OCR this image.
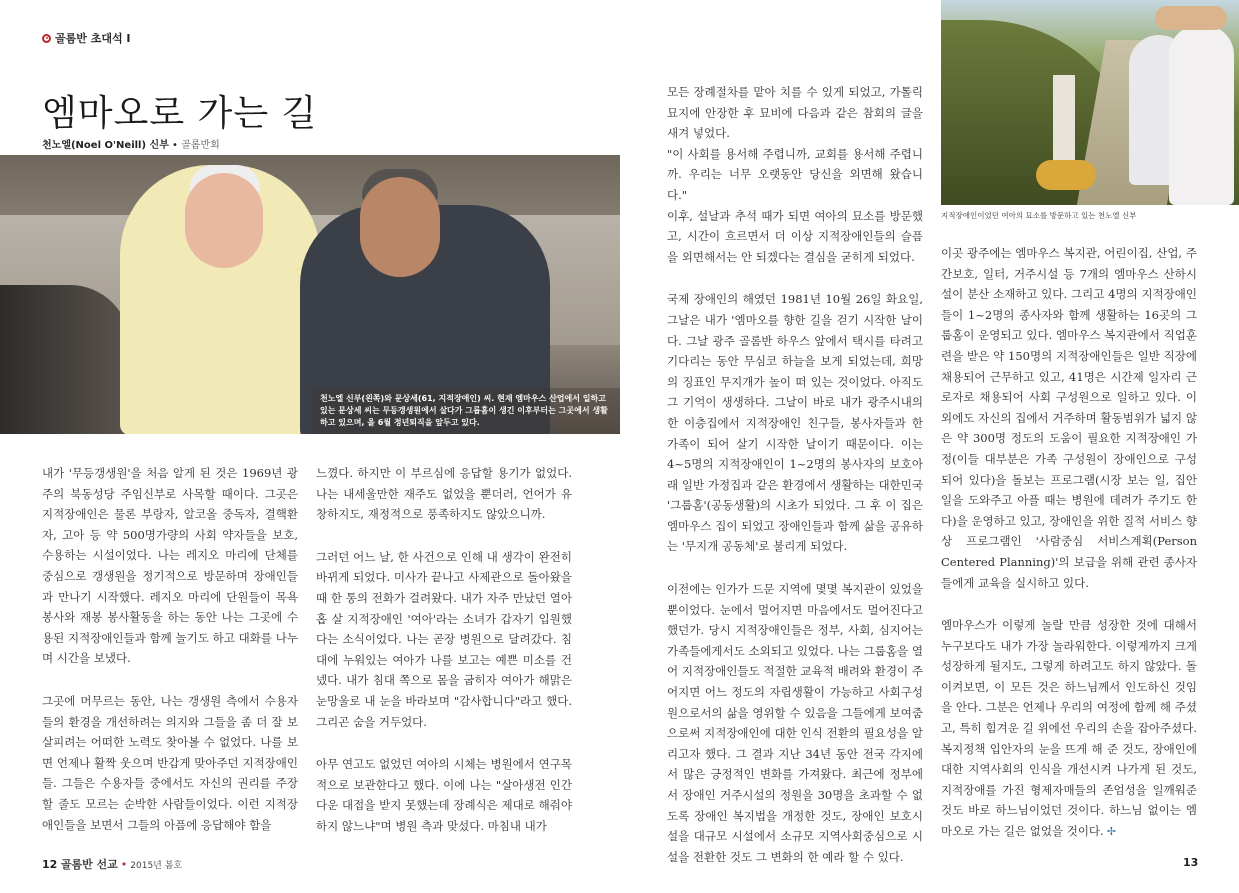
골롬반 초대석 I
엠마오로 가는 길
천노엘(Noel O'Neill) 신부 • 골롬반회
천노엘 신부(왼쪽)와 문상세(61, 지적장애인) 씨. 현재 엠마우스 산업에서 일하고 있는 문상세 씨는 무등갱생원에서 살다가 그룹홈이 생긴 이후부터는 그곳에서 생활하고 있으며, 올 6월 정년퇴직을 앞두고 있다.
지적장애인이었던 여아의 묘소를 방문하고 있는 천노엘 신부

내가 '무등갱생원'을 처음 알게 된 것은 1969년 광주의 북동성당 주임신부로 사목할 때이다. 그곳은 지적장애인은 물론 부랑자, 알코올 중독자, 결핵환자, 고아 등 약 500명가량의 사회 약자들을 보호, 수용하는 시설이었다. 나는 레지오 마리에 단체를 중심으로 갱생원을 정기적으로 방문하며 장애인들과 만나기 시작했다. 레지오 마리에 단원들이 목욕 봉사와 재봉 봉사활동을 하는 동안 나는 그곳에 수용된 지적장애인들과 함께 놀기도 하고 대화를 나누며 시간을 보냈다.

그곳에 머무르는 동안, 나는 갱생원 측에서 수용자들의 환경을 개선하려는 의지와 그들을 좀 더 잘 보살피려는 어떠한 노력도 찾아볼 수 없었다. 나를 보면 언제나 활짝 웃으며 반갑게 맞아주던 지적장애인들. 그들은 수용자들 중에서도 자신의 권리를 주장할 줄도 모르는 순박한 사람들이었다. 이런 지적장애인들을 보면서 그들의 아픔에 응답해야 함을

느꼈다. 하지만 이 부르심에 응답할 용기가 없었다. 나는 내세울만한 재주도 없었을 뿐더러, 언어가 유창하지도, 재정적으로 풍족하지도 않았으니까.

그러던 어느 날, 한 사건으로 인해 내 생각이 완전히 바뀌게 되었다. 미사가 끝나고 사제관으로 돌아왔을 때 한 통의 전화가 걸려왔다. 내가 자주 만났던 열아홉 살 지적장애인 '여아'라는 소녀가 갑자기 입원했다는 소식이었다. 나는 곧장 병원으로 달려갔다. 침대에 누워있는 여아가 나를 보고는 예쁜 미소를 건넸다. 내가 침대 쪽으로 몸을 굽히자 여아가 해맑은 눈망울로 내 눈을 바라보며 "감사합니다"라고 했다. 그리곤 숨을 거두었다.

아무 연고도 없었던 여아의 시체는 병원에서 연구목적으로 보관한다고 했다. 이에 나는 "살아생전 인간다운 대접을 받지 못했는데 장례식은 제대로 해줘야 하지 않느냐"며 병원 측과 맞섰다. 마침내 내가

모든 장례절차를 맡아 치를 수 있게 되었고, 가톨릭 묘지에 안장한 후 묘비에 다음과 같은 참회의 글을 새겨 넣었다.
"이 사회를 용서해 주렵니까, 교회를 용서해 주렵니까. 우리는 너무 오랫동안 당신을 외면해 왔습니다."
이후, 설날과 추석 때가 되면 여아의 묘소를 방문했고, 시간이 흐르면서 더 이상 지적장애인들의 슬픔을 외면해서는 안 되겠다는 결심을 굳히게 되었다.

국제 장애인의 해였던 1981년 10월 26일 화요일, 그날은 내가 '엠마오를 향한 길을 걷기 시작한 날이다. 그날 광주 골롬반 하우스 앞에서 택시를 타려고 기다리는 동안 무심코 하늘을 보게 되었는데, 희망의 징표인 무지개가 높이 떠 있는 것이었다. 아직도 그 기억이 생생하다. 그날이 바로 내가 광주시내의 한 이층집에서 지적장애인 친구들, 봉사자들과 한 가족이 되어 살기 시작한 날이기 때문이다. 이는 4~5명의 지적장애인이 1~2명의 봉사자의 보호아래 일반 가정집과 같은 환경에서 생활하는 대한민국 '그룹홈'(공동생활)의 시초가 되었다. 그 후 이 집은 엠마우스 집이 되었고 장애인들과 함께 삶을 공유하는 '무지개 공동체'로 불리게 되었다.

이전에는 인가가 드문 지역에 몇몇 복지관이 있었을 뿐이었다. 눈에서 멀어지면 마음에서도 멀어진다고 했던가. 당시 지적장애인들은 정부, 사회, 심지어는 가족들에게서도 소외되고 있었다. 나는 그룹홈을 열어 지적장애인들도 적절한 교육적 배려와 환경이 주어지면 어느 정도의 자립생활이 가능하고 사회구성원으로서의 삶을 영위할 수 있음을 그들에게 보여줌으로써 지적장애인에 대한 인식 전환의 필요성을 알리고자 했다. 그 결과 지난 34년 동안 전국 각지에서 많은 긍정적인 변화를 가져왔다. 최근에 정부에서 장애인 거주시설의 정원을 30명을 초과할 수 없도록 장애인 복지법을 개정한 것도, 장애인 보호시설을 대규모 시설에서 소규모 지역사회중심으로 시설을 전환한 것도 그 변화의 한 예라 할 수 있다.

이곳 광주에는 엠마우스 복지관, 어린이집, 산업, 주간보호, 일터, 거주시설 등 7개의 엠마우스 산하시설이 분산 소재하고 있다. 그리고 4명의 지적장애인들이 1~2명의 종사자와 함께 생활하는 16곳의 그룹홈이 운영되고 있다. 엠마우스 복지관에서 직업훈련을 받은 약 150명의 지적장애인들은 일반 직장에 채용되어 근무하고 있고, 41명은 시간제 일자리 근로자로 채용되어 사회 구성원으로 일하고 있다. 이외에도 자신의 집에서 거주하며 활동범위가 넓지 않은 약 300명 정도의 도움이 필요한 지적장애인 가정(이들 대부분은 가족 구성원이 장애인으로 구성되어 있다)을 돌보는 프로그램(시장 보는 일, 집안일을 도와주고 아플 때는 병원에 데려가 주기도 한다)을 운영하고 있고, 장애인을 위한 질적 서비스 향상 프로그램인 '사람중심 서비스계획(Person Centered Planning)'의 보급을 위해 관련 종사자들에게 교육을 실시하고 있다.

엠마우스가 이렇게 놀랄 만큼 성장한 것에 대해서 누구보다도 내가 가장 놀라워한다. 이렇게까지 크게 성장하게 될지도, 그렇게 하려고도 하지 않았다. 돌이켜보면, 이 모든 것은 하느님께서 인도하신 것임을 안다. 그분은 언제나 우리의 여정에 함께 해 주셨고, 특히 힘겨운 길 위에선 우리의 손을 잡아주셨다. 복지정책 입안자의 눈을 뜨게 해 준 것도, 장애인에 대한 지역사회의 인식을 개선시켜 나가게 된 것도, 지적장애를 가진 형제자매들의 존엄성을 일깨워준 것도 바로 하느님이었던 것이다. 하느님 없이는 엠마오로 가는 길은 없었을 것이다. ✢

12 골롬반 선교 • 2015년 봄호	13
